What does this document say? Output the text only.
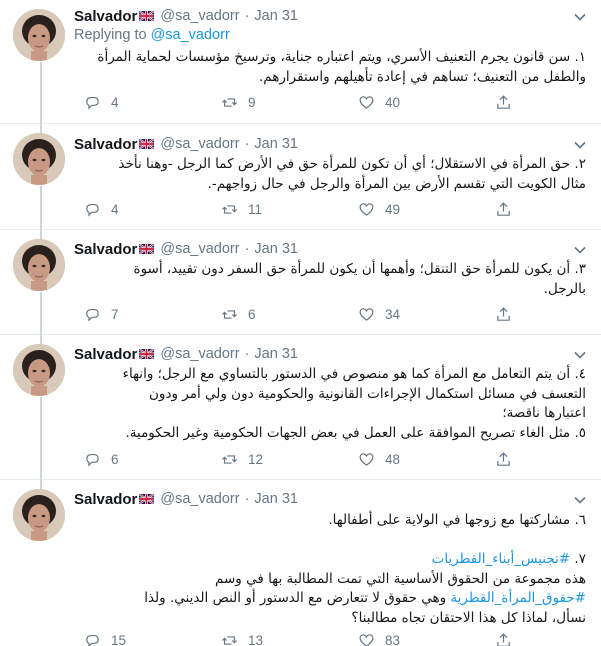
Salvador @sa_vadorr · Jan 31
Replying to @sa_vadorr

١. سن قانون يجرم التعنيف الأسري، ويتم اعتباره جناية، وترسيخ مؤسسات لحماية المرأة

والطفل من التعنيف؛ تساهم في إعادة تأهيلهم واستقرارهم.

4	9	40
Salvador @sa_vadorr · Jan 31

٢. حق المرأة في الاستقلال؛ أي أن تكون للمرأة حق في الأرض كما الرجل -وهنا نأخذ

مثال الكويت التي تقسم الأرض بين المرأة والرجل في حال زواجهم-.

4	11	49
Salvador @sa_vadorr · Jan 31

٣. أن يكون للمرأة حق التنقل؛ وأهمها أن يكون للمرأة حق السفر دون تقييد، أسوة

بالرجل.

7	6	34
Salvador @sa_vadorr · Jan 31

٤. أن يتم التعامل مع المرأة كما هو منصوص في الدستور بالتساوي مع الرجل؛ وانهاء

التعسف في مسائل استكمال الإجراءات القانونية والحكومية دون ولي أمر ودون

اعتبارها ناقصة؛

٥. مثل الغاء تصريح الموافقة على العمل في بعض الجهات الحكومية وغير الحكومية.

6	12	48
Salvador @sa_vadorr · Jan 31

٦. مشاركتها مع زوجها في الولاية على أطفالها.

٧. #تجنيس_أبناء_القطريات

هذه مجموعة من الحقوق الأساسية التي تمت المطالبة بها في وسم

#حقوق_المرأة_القطرية وهي حقوق لا تتعارض مع الدستور أو النص الديني. ولذا

نسأل، لماذا كل هذا الاحتقان تجاه مطالبنا؟

15	13	83
